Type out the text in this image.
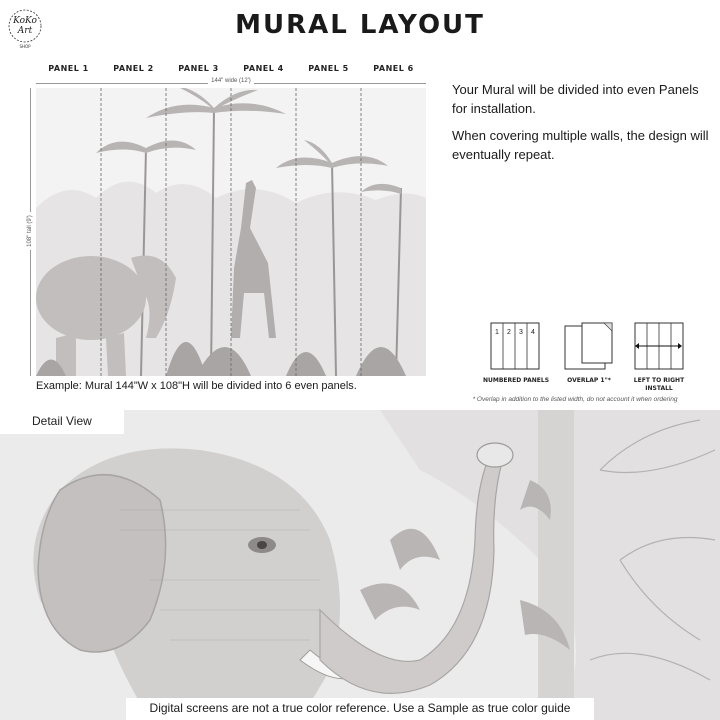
KoKo
Art
SHOP
MURAL LAYOUT
PANEL 1	PANEL 2	PANEL 3	PANEL 4	PANEL 5	PANEL 6
144" wide (12')
108" tall (9')
Example: Mural 144"W x 108"H will be divided into 6 even panels.

Your Mural will be divided into even Panels for installation.

When covering multiple walls, the design will eventually repeat.

1 2 3 4
NUMBERED PANELS	OVERLAP 1"*	LEFT TO RIGHT
INSTALL
* Overlap in addition to the listed width, do not account it when ordering
Detail View
Digital screens are not a true color reference. Use a Sample as true color guide
